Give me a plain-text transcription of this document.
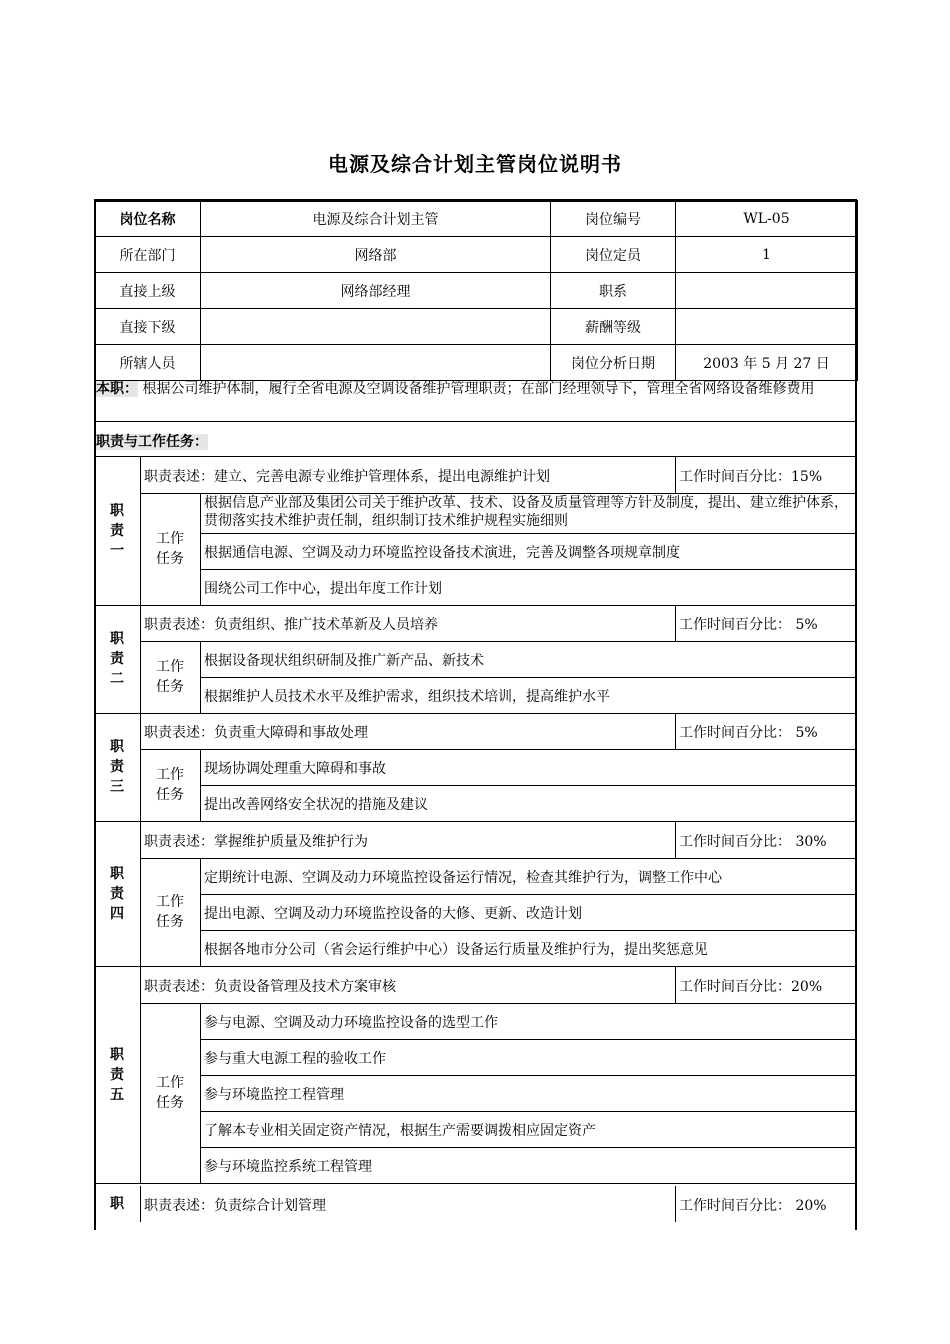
电源及综合计划主管岗位说明书
岗位名称	电源及综合计划主管	岗位编号	WL-05
所在部门	网络部	岗位定员	1
直接上级	网络部经理	职系	
直接下级		薪酬等级	
所辖人员		岗位分析日期	2003 年 5 月 27 日
本职： 根据公司维护体制，履行全省电源及空调设备维护管理职责；在部门经理领导下，管理全省网络设备维修费用
职责与工作任务：
职
责
一
职责表述：建立、完善电源专业维护管理体系，提出电源维护计划	工作时间百分比：15%
根据信息产业部及集团公司关于维护改革、技术、设备及质量管理等方针及制度，提出、建立维护体系，贯彻落实技术维护责任制，组织制订技术维护规程实施细则
根据通信电源、空调及动力环境监控设备技术演进，完善及调整各项规章制度
围绕公司工作中心，提出年度工作计划
工作
任务
职
责
二
职责表述：负责组织、推广技术革新及人员培养	工作时间百分比： 5%
根据设备现状组织研制及推广新产品、新技术
根据维护人员技术水平及维护需求，组织技术培训，提高维护水平
工作
任务
职
责
三
职责表述：负责重大障碍和事故处理	工作时间百分比： 5%
现场协调处理重大障碍和事故
提出改善网络安全状况的措施及建议
工作
任务
职
责
四
职责表述：掌握维护质量及维护行为	工作时间百分比： 30%
定期统计电源、空调及动力环境监控设备运行情况，检查其维护行为，调整工作中心
提出电源、空调及动力环境监控设备的大修、更新、改造计划
根据各地市分公司（省会运行维护中心）设备运行质量及维护行为，提出奖惩意见
工作
任务
职
责
五
职责表述：负责设备管理及技术方案审核	工作时间百分比：20%
参与电源、空调及动力环境监控设备的选型工作
参与重大电源工程的验收工作
参与环境监控工程管理
了解本专业相关固定资产情况，根据生产需要调拨相应固定资产
参与环境监控系统工程管理
工作
任务
职	职责表述：负责综合计划管理	工作时间百分比： 20%
